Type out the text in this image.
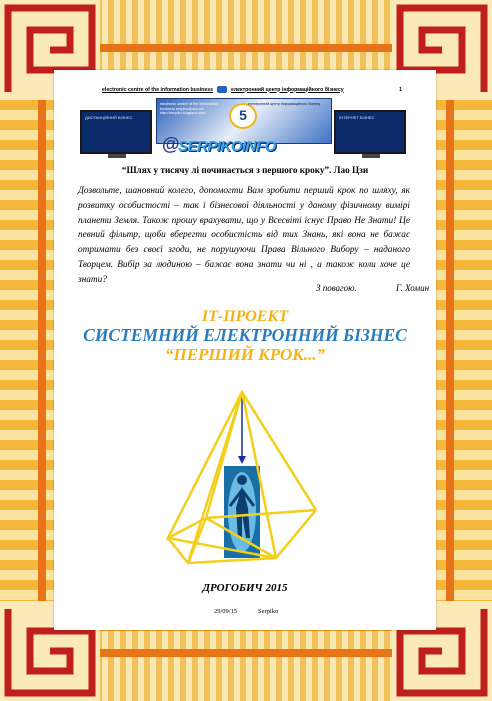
electronic centre of the information business	електронний центр інформаційного бізнесу	1
ДИСТАНЦІЙНИЙ БІЗНЕС
electronic centre of the information business serpiko@ukr.net http://serpiko.blogspot.com	5
електронний центр інформаційного бізнесу
@
SERPIKOINFO
ІНТЕРНЕТ БІЗНЕС
“Шлях у тисячу лі починається з першого кроку”. Лао Цзи
Дозвольте, шановний колего, допомогти Вам зробити перший крок по шляху, як розвитку особистості – так і бізнесової діяльності у даному фізичному вимірі планети Земля. Також прошу врахувати, що у Всесвіті існує Право Не Знати! Це певний фільтр, щоби вберегти особистість від тих Знань, які вона не бажає отримати без своєї згоди, не порушуючи Права Вільного Вибору – наданого Творцем. Вибір за людиною – бажає вона знати чи ні , а також коли хоче це знати?
З повагою.	Г. Хомин
ІТ-ПРОЕКТ
СИСТЕМНИЙ ЕЛЕКТРОННИЙ БІЗНЕС
“ПЕРШИЙ КРОК...”
ДРОГОБИЧ 2015
29/09/15	Serpiko
